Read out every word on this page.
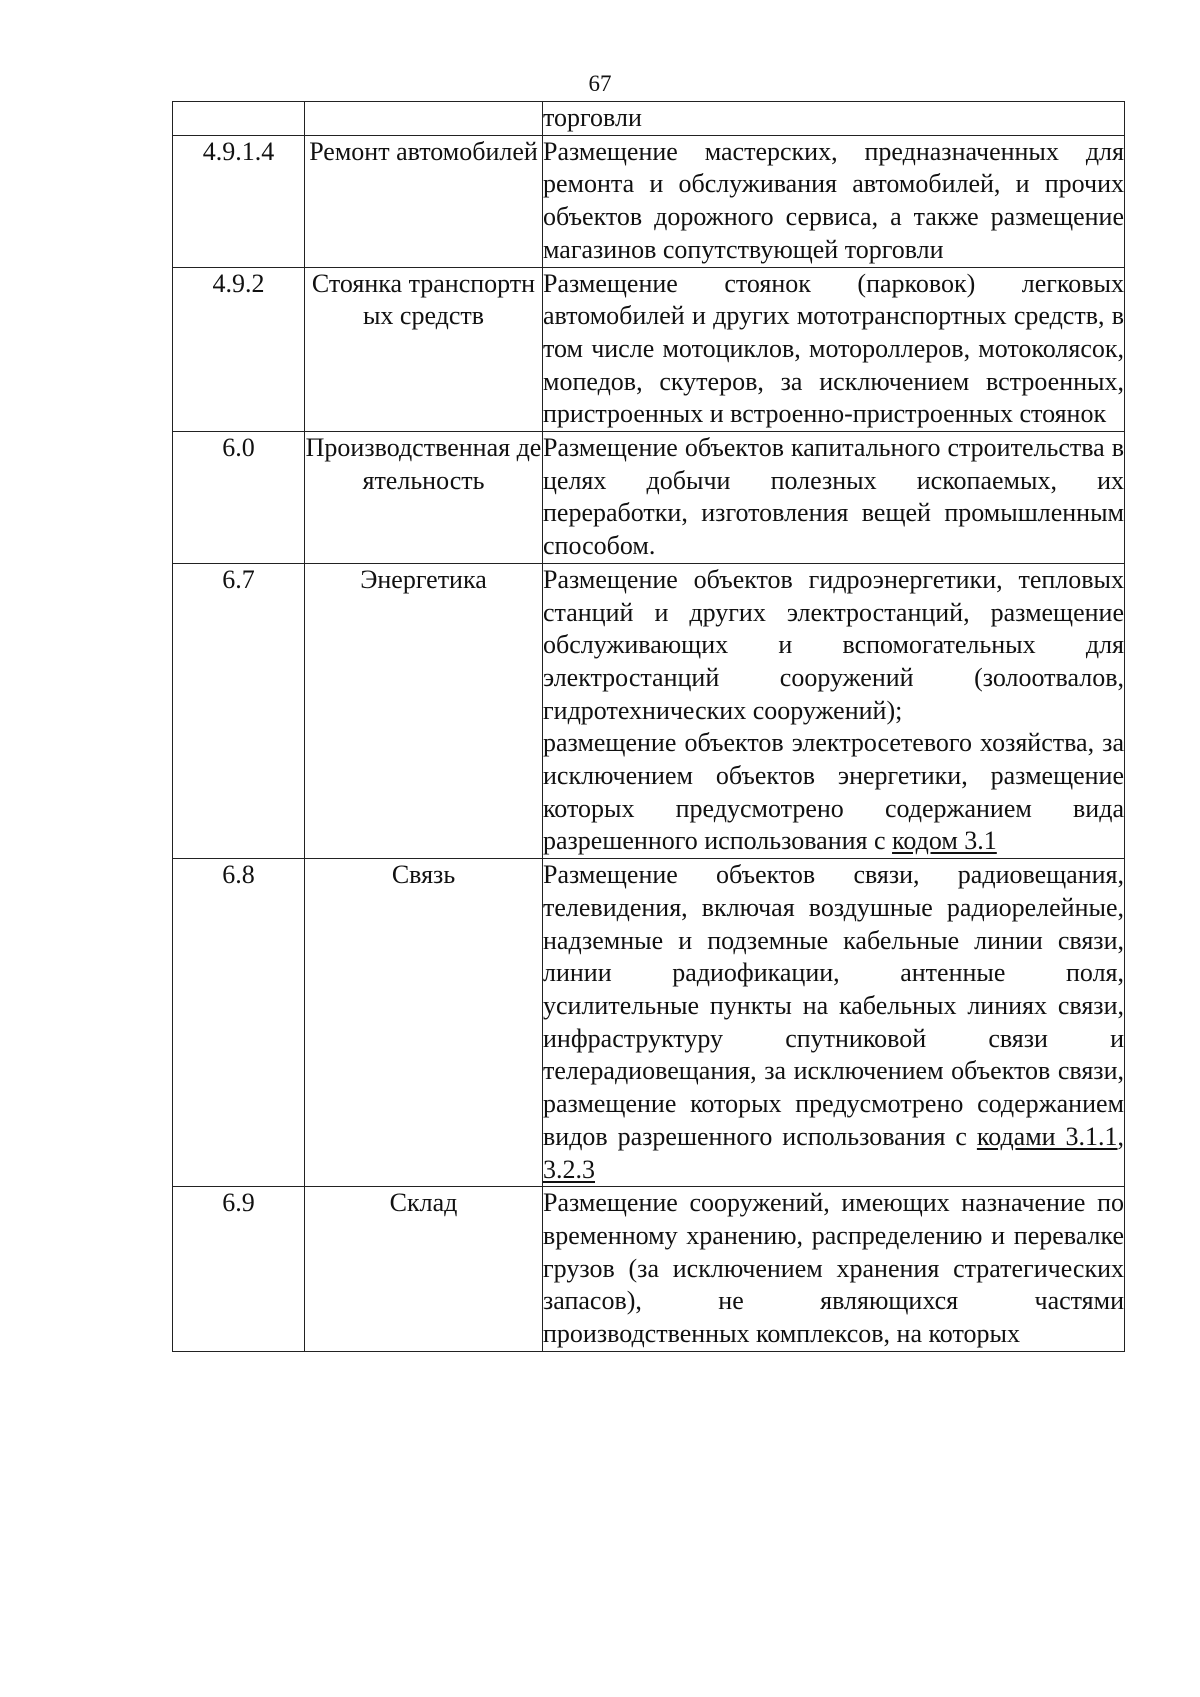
67

		торговли

4.9.1.4	Ремонт автомобилей	Размещение мастерских, предназначенных для ремонта и обслуживания автомобилей, и прочих объектов дорожного сервиса, а также размещение магазинов сопутствующей торговли

4.9.2	Стоянка транспортных средств	Размещение стоянок (парковок) легковых автомобилей и других мототранспортных средств, в том числе мотоциклов, мотороллеров, мотоколясок, мопедов, скутеров, за исключением встроенных, пристроенных и встроенно-пристроенных стоянок

6.0	Производственная деятельность	Размещение объектов капитального строительства в целях добычи полезных ископаемых, их переработки, изготовления вещей промышленным способом.

6.7	Энергетика	Размещение объектов гидроэнергетики, тепловых станций и других электростанций, размещение обслуживающих и вспомогательных для электростанций сооружений (золоотвалов, гидротехнических сооружений);
размещение объектов электросетевого хозяйства, за исключением объектов энергетики, размещение которых предусмотрено содержанием вида разрешенного использования с кодом 3.1

6.8	Связь	Размещение объектов связи, радиовещания, телевидения, включая воздушные радиорелейные, надземные и подземные кабельные линии связи, линии радиофикации, антенные поля, усилительные пункты на кабельных линиях связи, инфраструктуру спутниковой связи и телерадиовещания, за исключением объектов связи, размещение которых предусмотрено содержанием видов разрешенного использования с кодами 3.1.1, 3.2.3

6.9	Склад	Размещение сооружений, имеющих назначение по временному хранению, распределению и перевалке грузов (за исключением хранения стратегических запасов), не являющихся частями производственных комплексов, на которых
